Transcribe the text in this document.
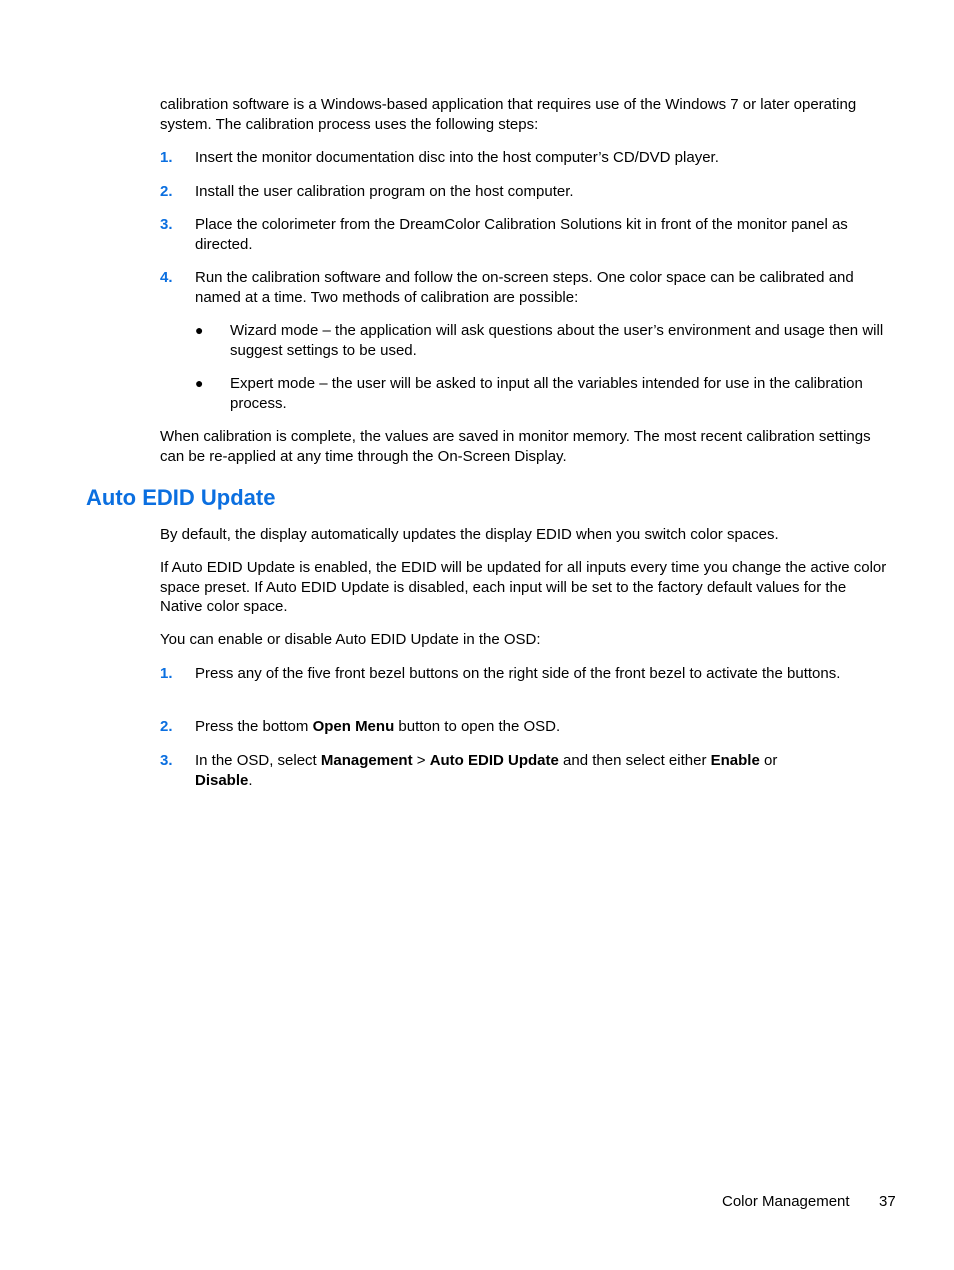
calibration software is a Windows-based application that requires use of the Windows 7 or later operating system. The calibration process uses the following steps:

1. Insert the monitor documentation disc into the host computer’s CD/DVD player.

2. Install the user calibration program on the host computer.

3. Place the colorimeter from the DreamColor Calibration Solutions kit in front of the monitor panel as directed.

4. Run the calibration software and follow the on-screen steps. One color space can be calibrated and named at a time. Two methods of calibration are possible:

● Wizard mode – the application will ask questions about the user’s environment and usage then will suggest settings to be used.

● Expert mode – the user will be asked to input all the variables intended for use in the calibration process.

When calibration is complete, the values are saved in monitor memory. The most recent calibration settings can be re-applied at any time through the On-Screen Display.

Auto EDID Update

By default, the display automatically updates the display EDID when you switch color spaces.

If Auto EDID Update is enabled, the EDID will be updated for all inputs every time you change the active color space preset. If Auto EDID Update is disabled, each input will be set to the factory default values for the Native color space.

You can enable or disable Auto EDID Update in the OSD:

1. Press any of the five front bezel buttons on the right side of the front bezel to activate the buttons.

2. Press the bottom Open Menu button to open the OSD.

3. In the OSD, select Management > Auto EDID Update and then select either Enable or
Disable.

Color Management 37
